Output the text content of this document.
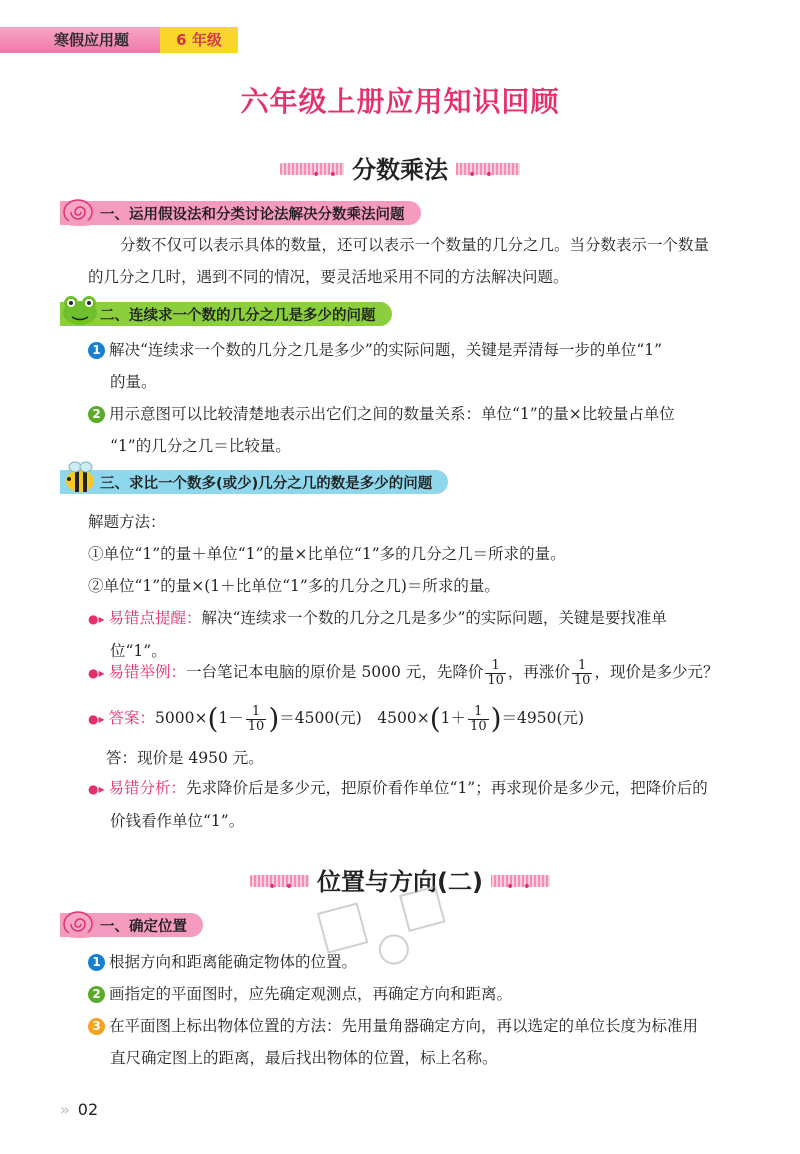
寒假应用题	6 年级
六年级上册应用知识回顾
• •	• •
分数乘法
一、运用假设法和分类讨论法解决分数乘法问题
分数不仅可以表示具体的数量，还可以表示一个数量的几分之几。当分数表示一个数量
的几分之几时，遇到不同的情况，要灵活地采用不同的方法解决问题。
二、连续求一个数的几分之几是多少的问题
1 解决“连续求一个数的几分之几是多少”的实际问题，关键是弄清每一步的单位“1”
的量。
2 用示意图可以比较清楚地表示出它们之间的数量关系：单位“1”的量×比较量占单位
“1”的几分之几＝比较量。
三、求比一个数多(或少)几分之几的数是多少的问题
解题方法：
①单位“1”的量＋单位“1”的量×比单位“1”多的几分之几＝所求的量。
②单位“1”的量×(1＋比单位“1”多的几分之几)＝所求的量。
●▸ 易错点提醒：解决“连续求一个数的几分之几是多少”的实际问题，关键是要找准单
位“1”。
●▸ 易错举例：一台笔记本电脑的原价是 5000 元，先降价 $\frac{1}{10}$ ，再涨价 $\frac{1}{10}$ ，现价是多少元？
●▸ 答案：$5000\times(1- \frac{1}{10} )=4500$(元)　$4500\times(1+ \frac{1}{10} )=4950$(元)
答：现价是 4950 元。
●▸ 易错分析：先求降价后是多少元，把原价看作单位“1”；再求现价是多少元，把降价后的
价钱看作单位“1”。
• •	• •
位置与方向(二)
一、确定位置
1 根据方向和距离能确定物体的位置。
2 画指定的平面图时，应先确定观测点，再确定方向和距离。
3 在平面图上标出物体位置的方法：先用量角器确定方向，再以选定的单位长度为标准用
直尺确定图上的距离，最后找出物体的位置，标上名称。
» 02
